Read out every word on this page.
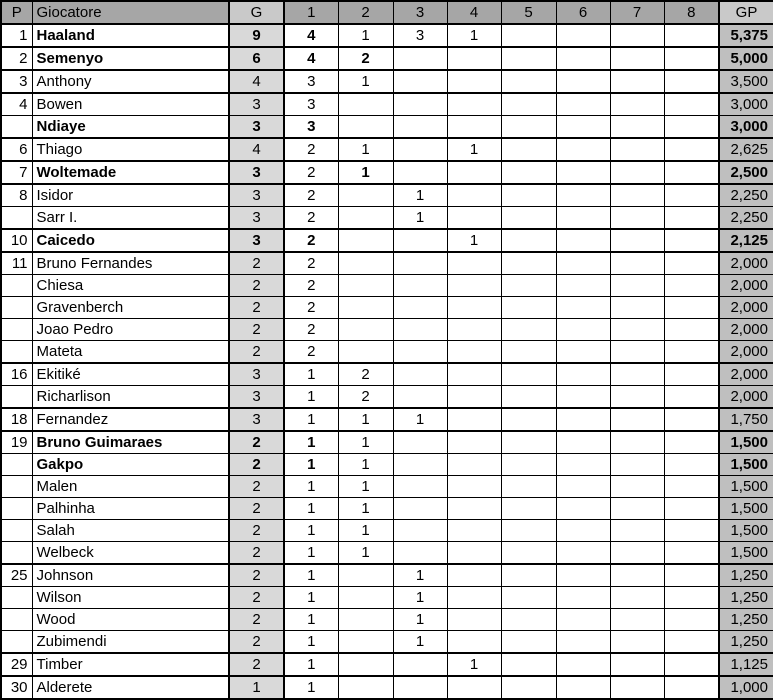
P	Giocatore	G	1	2	3	4	5	6	7	8	GP
1	Haaland	9	4	1	3	1					5,375
2	Semenyo	6	4	2							5,000
3	Anthony	4	3	1							3,500
4	Bowen	3	3								3,000
	Ndiaye	3	3								3,000
6	Thiago	4	2	1		1					2,625
7	Woltemade	3	2	1							2,500
8	Isidor	3	2		1						2,250
	Sarr I.	3	2		1						2,250
10	Caicedo	3	2			1					2,125
11	Bruno Fernandes	2	2								2,000
	Chiesa	2	2								2,000
	Gravenberch	2	2								2,000
	Joao Pedro	2	2								2,000
	Mateta	2	2								2,000
16	Ekitiké	3	1	2							2,000
	Richarlison	3	1	2							2,000
18	Fernandez	3	1	1	1						1,750
19	Bruno Guimaraes	2	1	1							1,500
	Gakpo	2	1	1							1,500
	Malen	2	1	1							1,500
	Palhinha	2	1	1							1,500
	Salah	2	1	1							1,500
	Welbeck	2	1	1							1,500
25	Johnson	2	1		1						1,250
	Wilson	2	1		1						1,250
	Wood	2	1		1						1,250
	Zubimendi	2	1		1						1,250
29	Timber	2	1			1					1,125
30	Alderete	1	1								1,000
